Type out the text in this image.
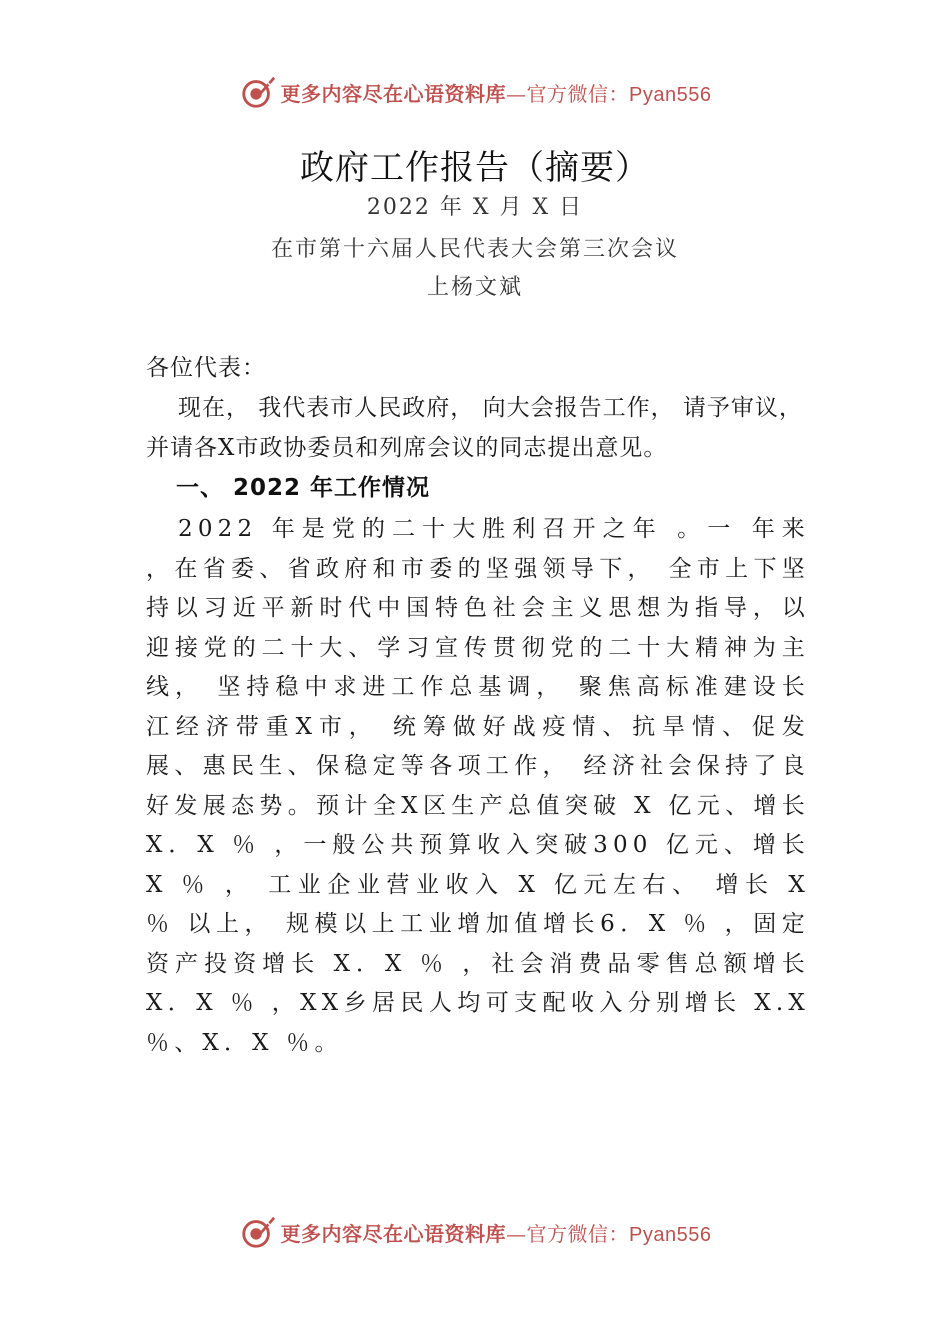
更多内容尽在心语资料库—官方微信：Pyan556
政府工作报告（摘要）
2022 年 X 月 X 日
在市第十六届人民代表大会第三次会议
上杨文斌
各位代表：
现在， 我代表市人民政府， 向大会报告工作， 请予审议，并请各X市政协委员和列席会议的同志提出意见。
一、 2022 年工作情况
2022 年是党的二十大胜利召开之年 。一 年来 ，在省委、省政府和市委的坚强领导下， 全市上下坚持以习近平新时代中国特色社会主义思想为指导，以迎接党的二十大、学习宣传贯彻党的二十大精神为主线， 坚持稳中求进工作总基调， 聚焦高标准建设长江经济带重X市， 统筹做好战疫情、抗旱情、促发展、惠民生、保稳定等各项工作， 经济社会保持了良好发展态势。预计全X区生产总值突破 X 亿元、增长 X．X ％ ，一般公共预算收入突破300 亿元、增长 X ％ ， 工业企业营业收入 X 亿元左右、 增长 X ％ 以上， 规模以上工业增加值增长6．X ％ ，固定资产投资增长 X．X ％ ，社会消费品零售总额增长 X．X ％ ，XX乡居民人均可支配收入分别增长 X.X ％、X．X ％。
更多内容尽在心语资料库—官方微信：Pyan556
